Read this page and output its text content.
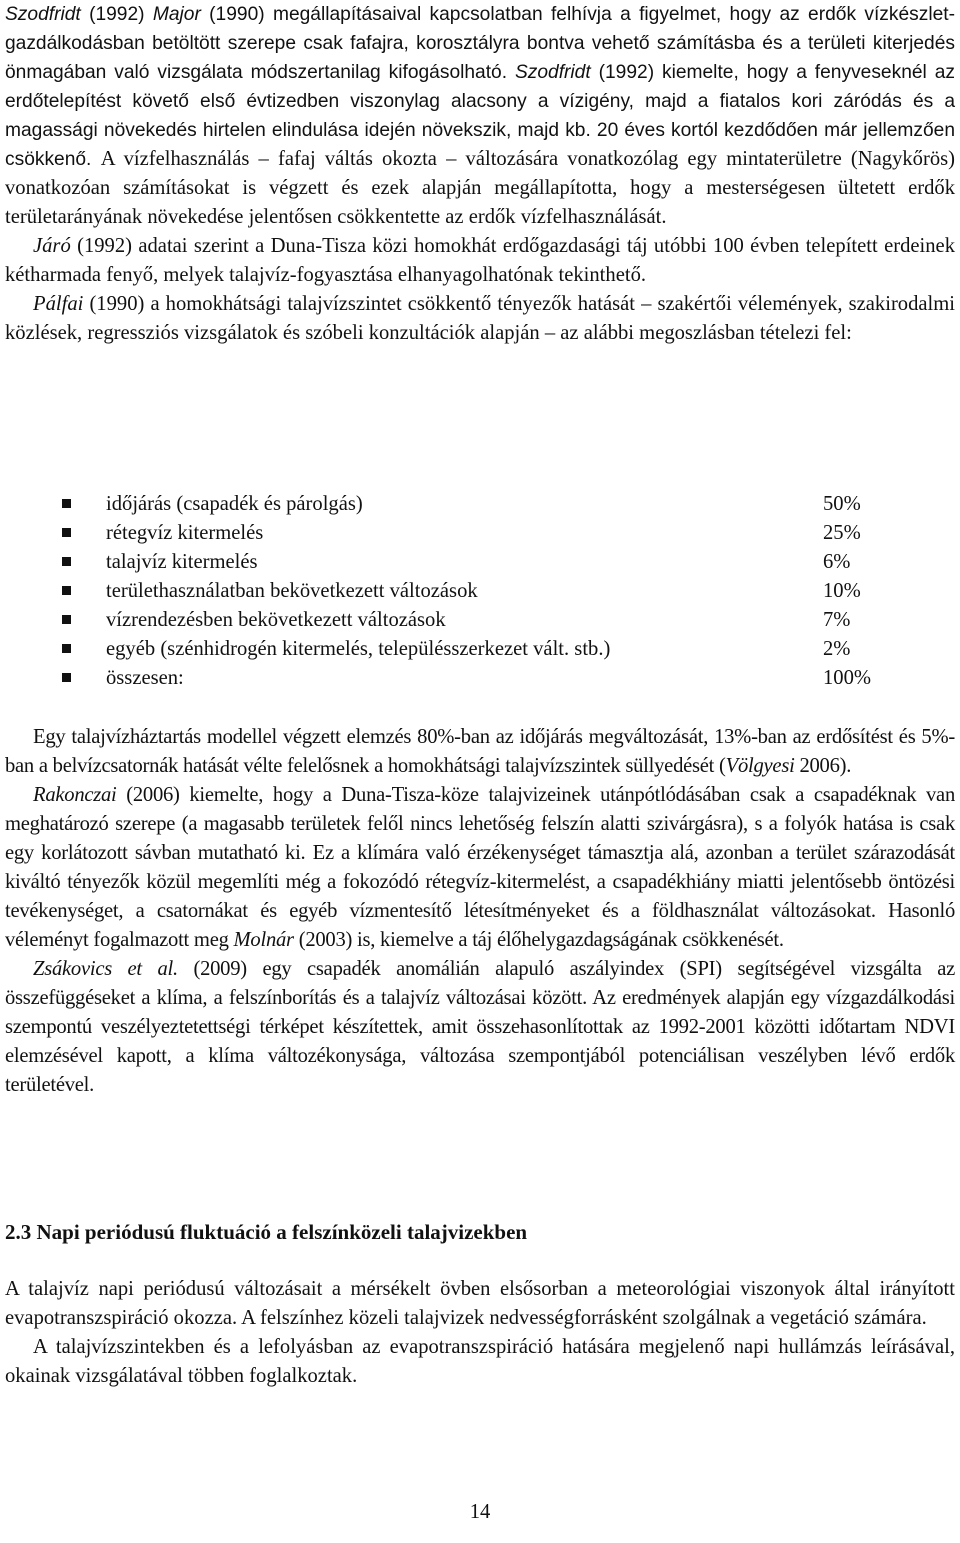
Szodfridt (1992) Major (1990) megállapításaival kapcsolatban felhívja a figyelmet, hogy az erdők vízkészlet-gazdálkodásban betöltött szerepe csak fafajra, korosztályra bontva vehető számításba és a területi kiterjedés önmagában való vizsgálata módszertanilag kifogásolható. Szodfridt (1992) kiemelte, hogy a fenyveseknél az erdőtelepítést követő első évtizedben viszonylag alacsony a vízigény, majd a fiatalos kori záródás és a magassági növekedés hirtelen elindulása idején növekszik, majd kb. 20 éves kortól kezdődően már jellemzően csökkenő. A vízfelhasználás – fafaj váltás okozta – változására vonatkozólag egy mintaterületre (Nagykőrös) vonatkozóan számításokat is végzett és ezek alapján megállapította, hogy a mesterségesen ültetett erdők területarányának növekedése jelentősen csökkentette az erdők vízfelhasználását.

Járó (1992) adatai szerint a Duna-Tisza közi homokhát erdőgazdasági táj utóbbi 100 évben telepített erdeinek kétharmada fenyő, melyek talajvíz-fogyasztása elhanyagolhatónak tekinthető.

Pálfai (1990) a homokhátsági talajvízszintet csökkentő tényezők hatását – szakértői vélemények, szakirodalmi közlések, regressziós vizsgálatok és szóbeli konzultációk alapján – az alábbi megoszlásban tételezi fel:

időjárás (csapadék és párolgás)	50%
rétegvíz kitermelés	25%
talajvíz kitermelés	6%
területhasználatban bekövetkezett változások	10%
vízrendezésben bekövetkezett változások	7%
egyéb (szénhidrogén kitermelés, településszerkezet vált. stb.)	2%
összesen:	100%

Egy talajvízháztartás modellel végzett elemzés 80%-ban az időjárás megváltozását, 13%-ban az erdősítést és 5%-ban a belvízcsatornák hatását vélte felelősnek a homokhátsági talajvízszintek süllyedését (Völgyesi 2006).

Rakonczai (2006) kiemelte, hogy a Duna-Tisza-köze talajvizeinek utánpótlódásában csak a csapadéknak van meghatározó szerepe (a magasabb területek felől nincs lehetőség felszín alatti szivárgásra), s a folyók hatása is csak egy korlátozott sávban mutatható ki. Ez a klímára való érzékenységet támasztja alá, azonban a terület szárazodását kiváltó tényezők közül megemlíti még a fokozódó rétegvíz-kitermelést, a csapadékhiány miatti jelentősebb öntözési tevékenységet, a csatornákat és egyéb vízmentesítő létesítményeket és a földhasználat változásokat. Hasonló véleményt fogalmazott meg Molnár (2003) is, kiemelve a táj élőhelygazdagságának csökkenését.

Zsákovics et al. (2009) egy csapadék anomálián alapuló aszályindex (SPI) segítségével vizsgálta az összefüggéseket a klíma, a felszínborítás és a talajvíz változásai között. Az eredmények alapján egy vízgazdálkodási szempontú veszélyeztetettségi térképet készítettek, amit összehasonlítottak az 1992-2001 közötti időtartam NDVI elemzésével kapott, a klíma változékonysága, változása szempontjából potenciálisan veszélyben lévő erdők területével.

2.3 Napi periódusú fluktuáció a felszínközeli talajvizekben

A talajvíz napi periódusú változásait a mérsékelt övben elsősorban a meteorológiai viszonyok által irányított evapotranszspiráció okozza. A felszínhez közeli talajvizek nedvességforrásként szolgálnak a vegetáció számára.

A talajvízszintekben és a lefolyásban az evapotranszspiráció hatására megjelenő napi hullámzás leírásával, okainak vizsgálatával többen foglalkoztak.

14
